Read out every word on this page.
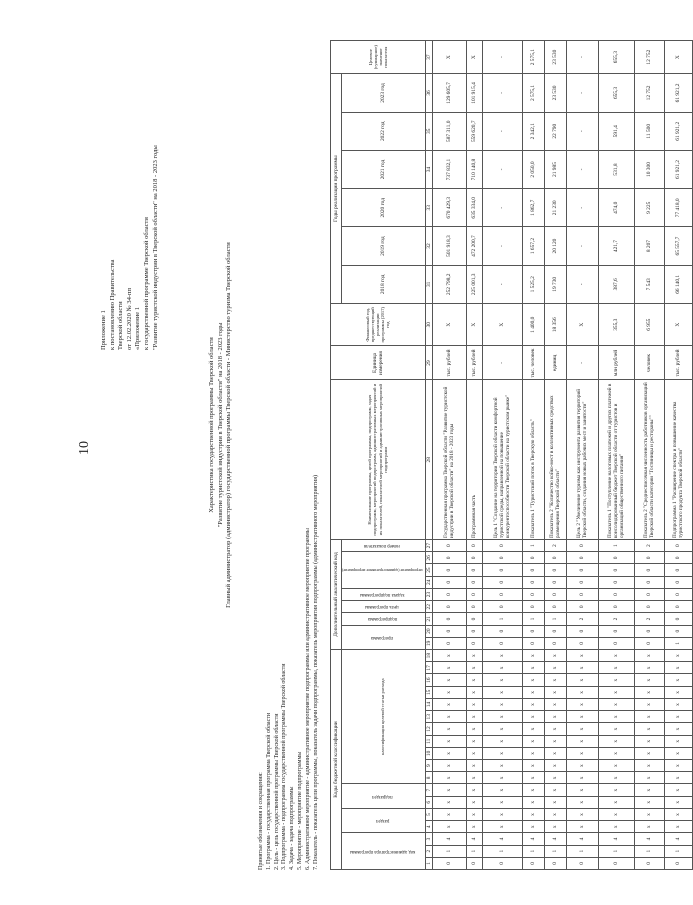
10
Приложение 1 к постановлению Правительства Тверской области от 12.02.2020 № 34-пп «Приложение 1 к государственной программе Тверской области "Развитие туристской индустрии в Тверской области" на 2018 - 2023 годы
Характеристика государственной программы Тверской области "Развитие туристской индустрии в Тверской области" на 2018 - 2023 годы Главный администратор (администратор) государственной программы Тверской области - Министерство туризма Тверской области
Принятые обозначения и сокращения: 1. Программа - государственная программа Тверской области 2. Цель - цель государственной программы Тверской области 3. Подпрограмма - подпрограмма государственной программы Тверской области 4. Задача - задача подпрограммы 5. Мероприятие - мероприятие подпрограммы 6. Административное мероприятие - административное мероприятие подпрограммы или административное мероприятие программы 7. Показатель - показатель цели программы, показатель задачи подпрограммы, показатель мероприятия подпрограммы (административного мероприятия)	Коды бюджетной классификации																		Дополнительный аналитический код									Наименование программы, целей программы, подпрограмм, задач подпрограмм, мероприятий подпрограмм, административных мероприятий и их показателей, показателей мероприятий и административных мероприятий подпрограмм	Единица измерения	Финансовый год, предшествующий реализации программы (2017) год	Годы реализации программы						Целевое (суммарное) значение показателя
код администратора программы			раздел		подраздел		классификация целевой статьи расхода											программа		подпрограмма	цель программы	задача подпрограммы	мероприятие (административное мероприятие)			номер показателя				2018 год	2019 год	2020 год	2021 год	2022 год	2023 год	
1	2	3	4	5	6	7	8	9	10	11	12	13	14	15	16	17	18	19	20	21	22	23	24	25	26	27	28	29	30	31	32	33	34	35	36	37
0	1	4	x	x	x	x	x	x	x	x	x	x	x	x	x	x	x	0	0	0	0	0	0	0	0	0	Государственная программа Тверской области "Развитие туристской индустрии в Тверской области" на 2018 - 2023 годы	тыс. рублей	X	252 798,2	501 918,3	670 429,3	737 832,1	587 311,0	129 605,7	X
0	1	4	x	x	x	x	x	x	x	x	x	x	x	x	x	x	x	0	0	0	0	0	0	0	0	0	Программная часть	тыс. рублей	X	225 001,3	472 200,7	635 334,0	710 140,8	559 620,7	101 915,4	X
0	1	4	x	x	x	x	x	x	x	x	x	x	x	x	x	x	x	0	0	1	0	0	0	0	0	0	Цель 1 "Создание на территории Тверской области комфортной туристской среды, направленной на повышение конкурентоспособности Тверской области на туристском рынке"	-	X	-	-	-	-	-	-	-
0	1	4	x	x	x	x	x	x	x	x	x	x	x	x	x	x	x	0	0	1	0	0	0	0	0	1	Показатель 1 "Туристский поток в Тверскую область"	тыс. человек	1 400,0	1 525,2	1 657,2	1 862,7	2 050,0	2 342,1	2 575,1	2 575,1
0	1	4	x	x	x	x	x	x	x	x	x	x	x	x	x	x	x	0	0	1	0	0	0	0	0	2	Показатель 2 "Количество койко-мест в коллективных средствах размещения Тверской области"	единиц	18 356	19 730	20 120	21 230	21 985	22 790	23 530	23 530
0	1	4	x	x	x	x	x	x	x	x	x	x	x	x	x	x	x	0	0	2	0	0	0	0	0	0	Цель 2 "Увеличение туризма как инструмента развития территорий Тверской области, создания новых рабочих мест и занятости"	-	X	-	-	-	-	-	-	-
0	1	4	x	x	x	x	x	x	x	x	x	x	x	x	x	x	x	0	0	2	0	0	0	0	0	1	Показатель 1 "Поступление налоговых платежей и других платежей в консолидированный бюджет Тверской области от туристов и организаций общественного питания"	млн рублей	355,3	387,6	421,7	474,0	531,8	591,4	655,3	655,3
0	1	4	x	x	x	x	x	x	x	x	x	x	x	x	x	x	x	0	0	2	0	0	0	0	0	2	Показатель 2 "Среднесписочная численность работников организаций Тверской области категории "Гостиницы и рестораны""	человек	6 955	7 543	8 207	9 225	10 300	11 500	12 752	12 752
0	1	4	x	x	x	x	x	x	x	x	x	x	x	x	x	x	x	1	0	0	0	0	0	0	0	0	Подпрограмма 1 "Расширение спектра и повышение качества туристского продукта Тверской области"	тыс. рублей	X	66 140,1	65 557,7	77 418,0	61 921,2	61 921,2	61 921,2	X
